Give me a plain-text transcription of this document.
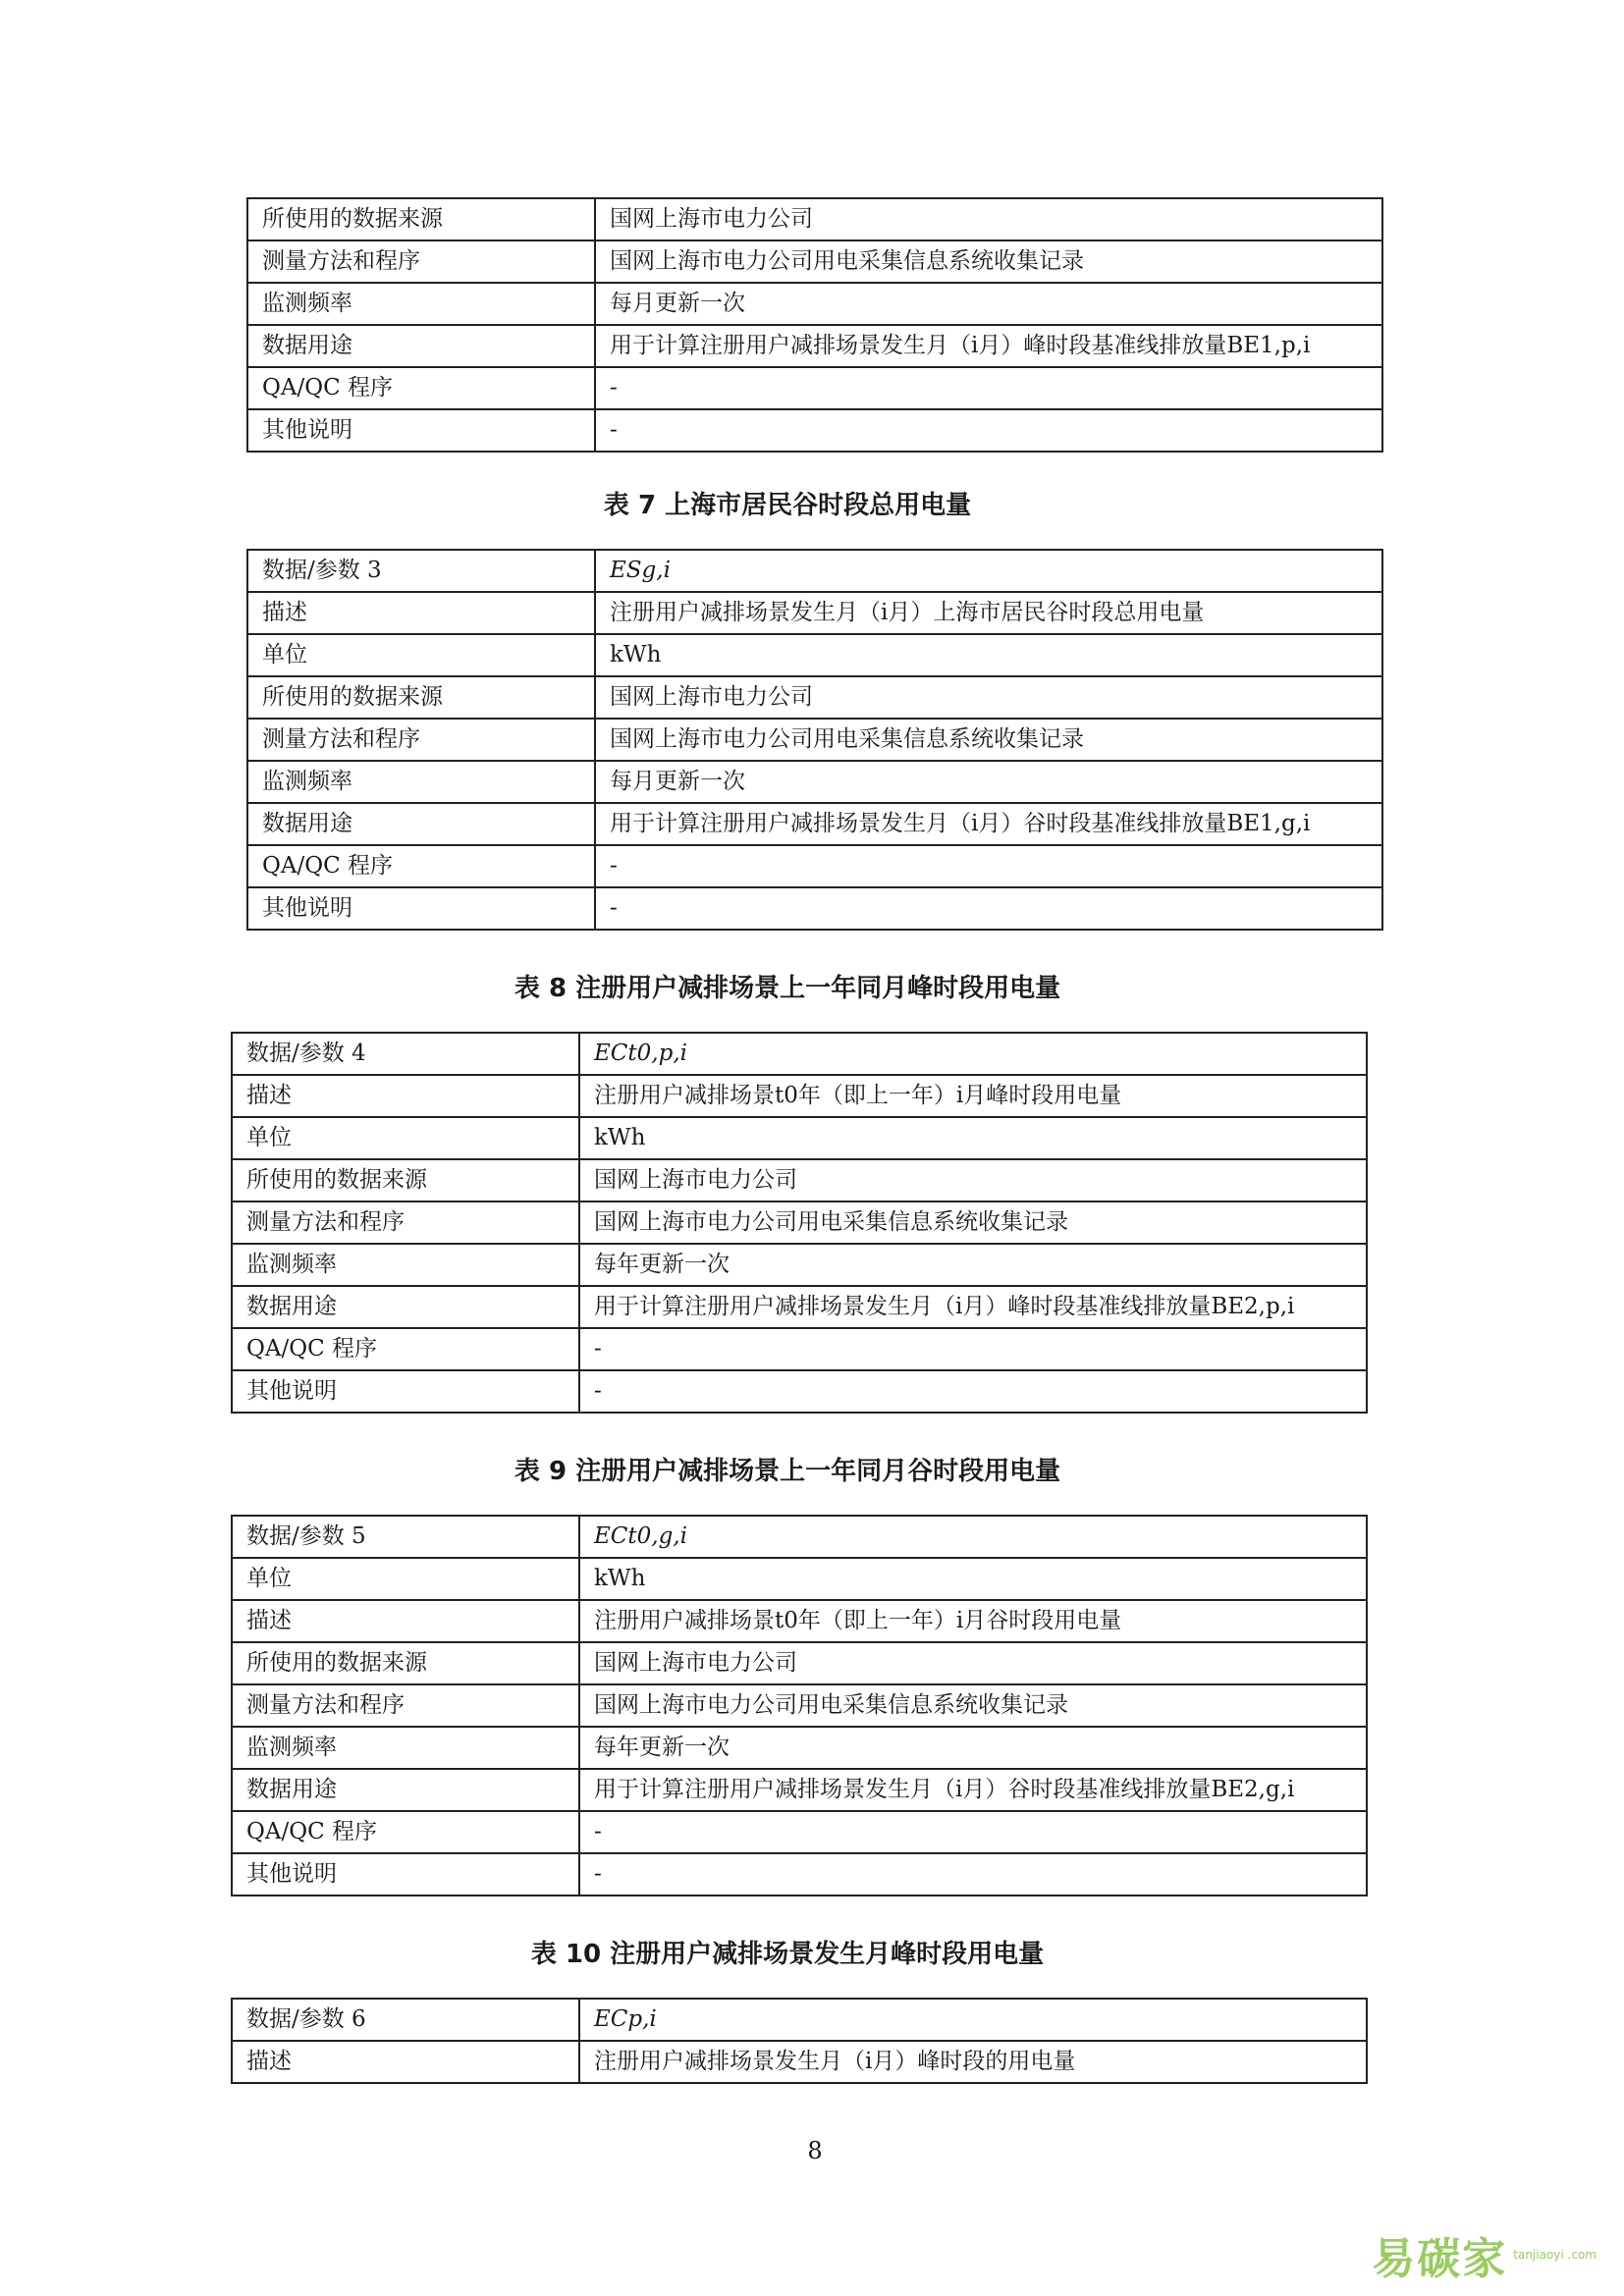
所使用的数据来源	国网上海市电力公司
测量方法和程序	国网上海市电力公司用电采集信息系统收集记录
监测频率	每月更新一次
数据用途	用于计算注册用户减排场景发生月（i月）峰时段基准线排放量BE1,p,i
QA/QC 程序	-
其他说明	-
表 7 上海市居民谷时段总用电量
数据/参数 3	ESg,i
描述	注册用户减排场景发生月（i月）上海市居民谷时段总用电量
单位	kWh
所使用的数据来源	国网上海市电力公司
测量方法和程序	国网上海市电力公司用电采集信息系统收集记录
监测频率	每月更新一次
数据用途	用于计算注册用户减排场景发生月（i月）谷时段基准线排放量BE1,g,i
QA/QC 程序	-
其他说明	-
表 8 注册用户减排场景上一年同月峰时段用电量
数据/参数 4	ECt0,p,i
描述	注册用户减排场景t0年（即上一年）i月峰时段用电量
单位	kWh
所使用的数据来源	国网上海市电力公司
测量方法和程序	国网上海市电力公司用电采集信息系统收集记录
监测频率	每年更新一次
数据用途	用于计算注册用户减排场景发生月（i月）峰时段基准线排放量BE2,p,i
QA/QC 程序	-
其他说明	-
表 9 注册用户减排场景上一年同月谷时段用电量
数据/参数 5	ECt0,g,i
单位	kWh
描述	注册用户减排场景t0年（即上一年）i月谷时段用电量
所使用的数据来源	国网上海市电力公司
测量方法和程序	国网上海市电力公司用电采集信息系统收集记录
监测频率	每年更新一次
数据用途	用于计算注册用户减排场景发生月（i月）谷时段基准线排放量BE2,g,i
QA/QC 程序	-
其他说明	-
表 10 注册用户减排场景发生月峰时段用电量
数据/参数 6	ECp,i
描述	注册用户减排场景发生月（i月）峰时段的用电量
8
易碳家 tanjiaoyi .com
